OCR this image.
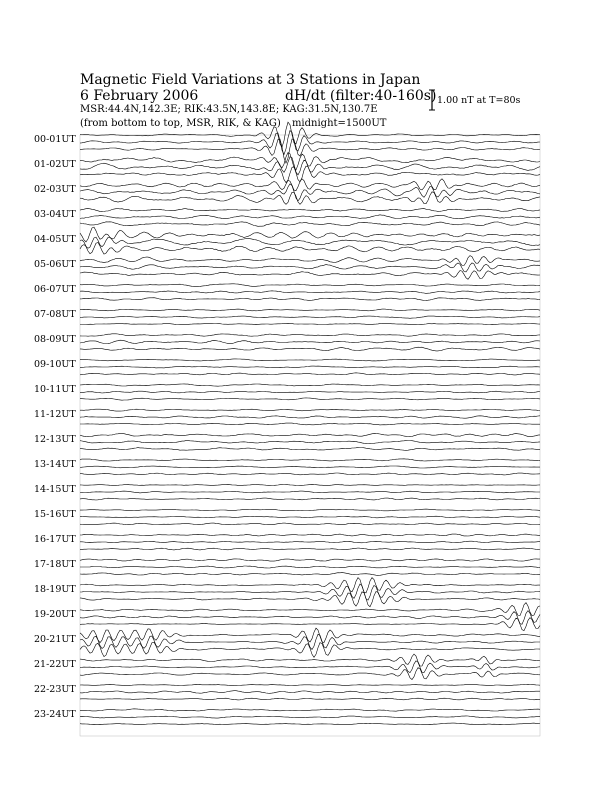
Magnetic Field Variations at 3 Stations in Japan
6 February 2006	dH/dt (filter:40-160s)
MSR:44.4N,142.3E; RIK:43.5N,143.8E; KAG:31.5N,130.7E
(from bottom to top, MSR, RIK, & KAG) midnight=1500UT
1.00 nT at T=80s
00-01UT
01-02UT
02-03UT
03-04UT
04-05UT
05-06UT
06-07UT
07-08UT
08-09UT
09-10UT
10-11UT
11-12UT
12-13UT
13-14UT
14-15UT
15-16UT
16-17UT
17-18UT
18-19UT
19-20UT
20-21UT
21-22UT
22-23UT
23-24UT
